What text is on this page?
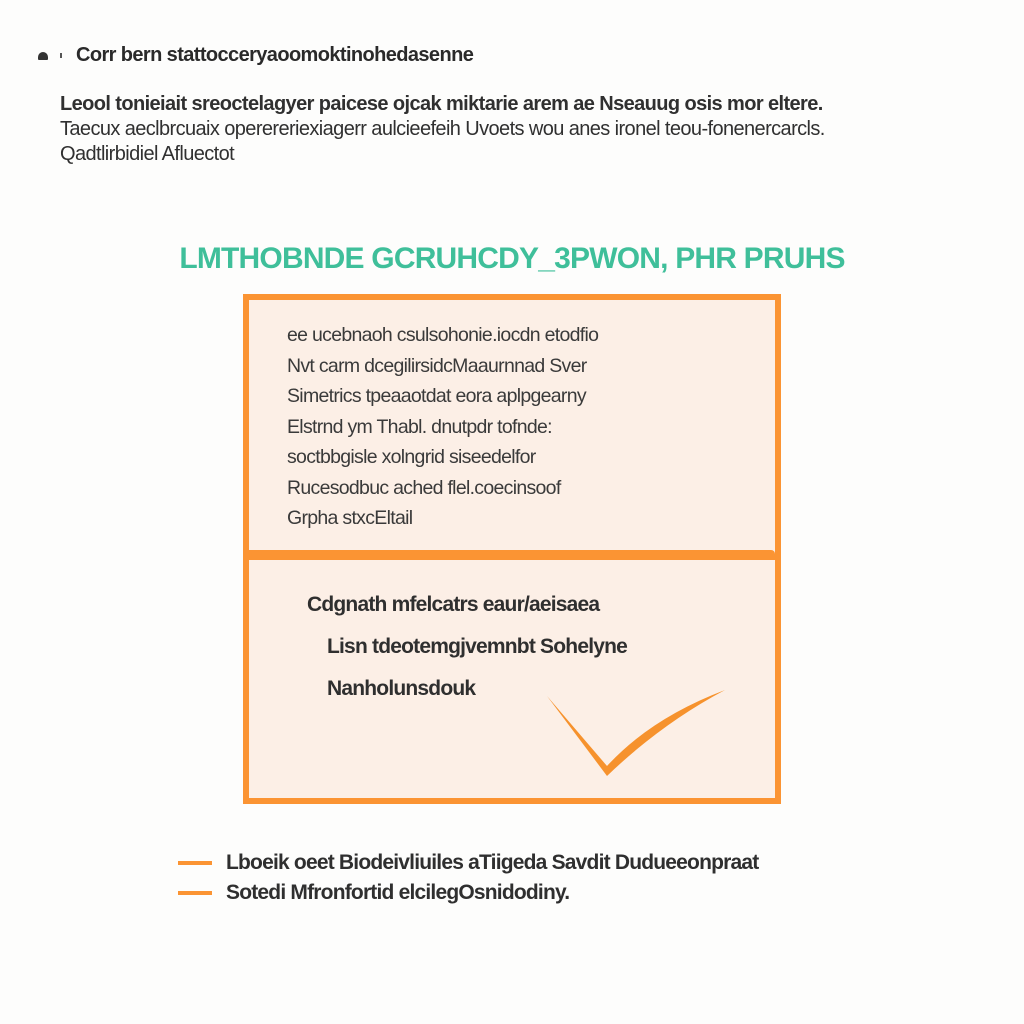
Corr bern stattocceryaoomoktinohedasenne
Leool tonieiait sreoctelagyer paicese ojcak miktarie arem ae Nseauug osis mor eltere.
Taecux aeclbrcuaix operereriexiagerr aulcieefeih Uvoets wou anes ironel teou-fonenercarcls.
Qadtlirbidiel Afluectot
LMTHOBNDE GCRUHCDY_3PWON, PHR PRUHS
ee ucebnaoh csulsohonie.iocdn etodfio
Nvt carm dcegilirsidcMaaurnnad Sver
Simetrics tpeaaotdat eora aplpgearny
Elstrnd ym Thabl. dnutpdr tofnde:
soctbbgisle xolngrid siseedelfor
Rucesodbuc ached flel.coecinsoof
Grpha stxcEltail
Cdgnath mfelcatrs eaur/aeisaea
Lisn tdeotemgjvemnbt Sohelyne
Nanholunsdouk
Lboeik oeet Biodeivliuiles aTiigeda Savdit Dudueeonpraat
Sotedi Mfronfortid elcilegOsnidodiny.
